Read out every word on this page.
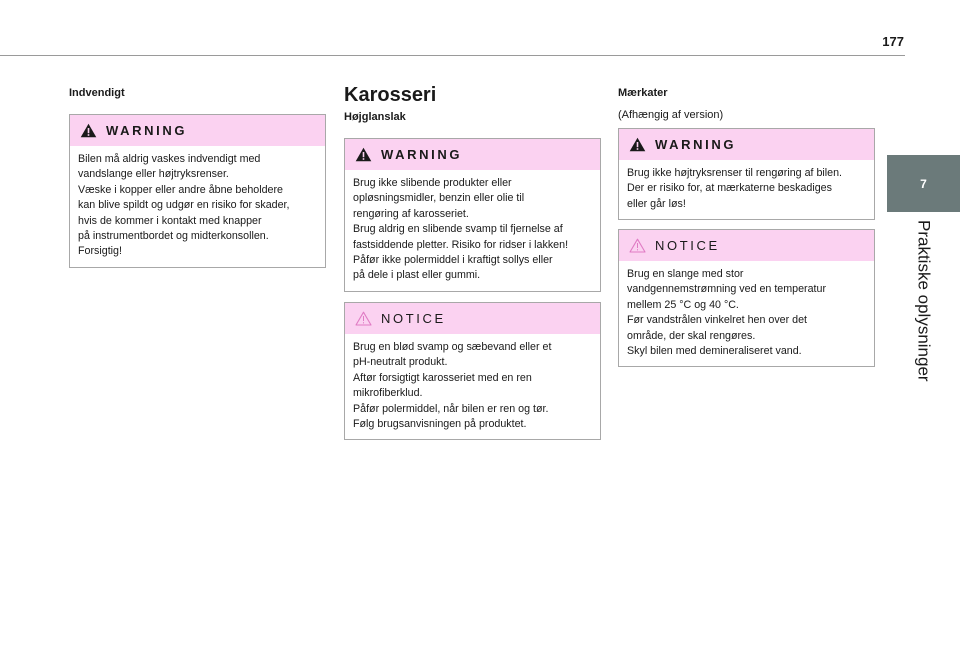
177
7
Praktiske oplysninger
Indvendigt
WARNING

Bilen må aldrig vaskes indvendigt med

vandslange eller højtryksrenser.

Væske i kopper eller andre åbne beholdere

kan blive spildt og udgør en risiko for skader,

hvis de kommer i kontakt med knapper

på instrumentbordet og midterkonsollen.

Forsigtig!

Karosseri
Højglanslak
WARNING

Brug ikke slibende produkter eller

opløsningsmidler, benzin eller olie til

rengøring af karosseriet.

Brug aldrig en slibende svamp til fjernelse af

fastsiddende pletter. Risiko for ridser i lakken!

Påfør ikke polermiddel i kraftigt sollys eller

på dele i plast eller gummi.

NOTICE

Brug en blød svamp og sæbevand eller et

pH-neutralt produkt.

Aftør forsigtigt karosseriet med en ren

mikrofiberklud.

Påfør polermiddel, når bilen er ren og tør.

Følg brugsanvisningen på produktet.

Mærkater
(Afhængig af version)
WARNING

Brug ikke højtryksrenser til rengøring af bilen.

Der er risiko for, at mærkaterne beskadiges

eller går løs!

NOTICE

Brug en slange med stor

vandgennemstrømning ved en temperatur

mellem 25 °C og 40 °C.

Før vandstrålen vinkelret hen over det

område, der skal rengøres.

Skyl bilen med demineraliseret vand.
